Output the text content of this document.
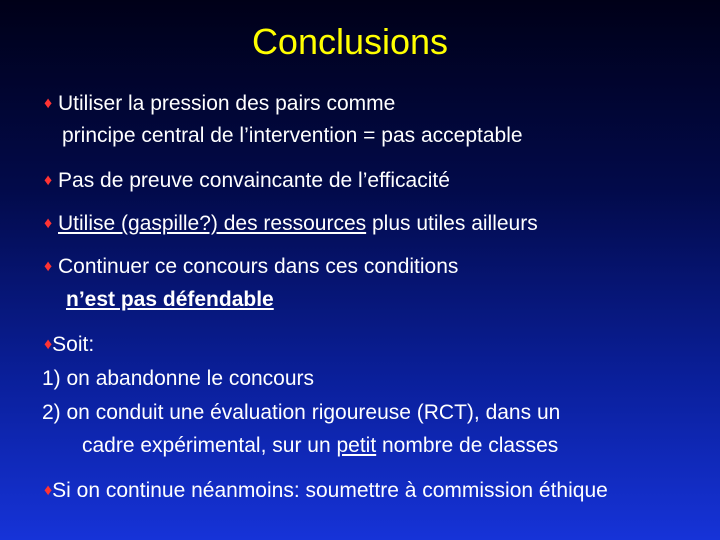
Conclusions
♦ Utiliser la pression des pairs comme
principe central de l’intervention = pas acceptable
♦ Pas de preuve convaincante de l’efficacité
♦ Utilise (gaspille?) des ressources plus utiles ailleurs
♦ Continuer ce concours dans ces conditions
n’est pas défendable
♦Soit:
1) on abandonne le concours
2) on conduit une évaluation rigoureuse (RCT), dans un
cadre expérimental, sur un petit nombre de classes
♦Si on continue néanmoins: soumettre à commission éthique
